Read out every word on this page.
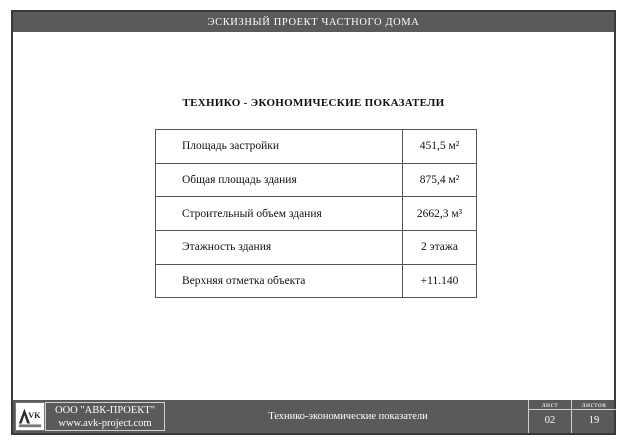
ЭСКИЗНЫЙ ПРОЕКТ ЧАСТНОГО ДОМА
ТЕХНИКО - ЭКОНОМИЧЕСКИЕ ПОКАЗАТЕЛИ
Площадь застройки	451,5 м²
Общая площадь здания	875,4 м²
Строительный объем здания	2662,3 м³
Этажность здания	2 этажа
Верхняя отметка объекта	+11.140
VK	ООО "АВК-ПРОЕКТ"
www.avk-project.com
Технико-экономические показатели
лист
02
листов
19
